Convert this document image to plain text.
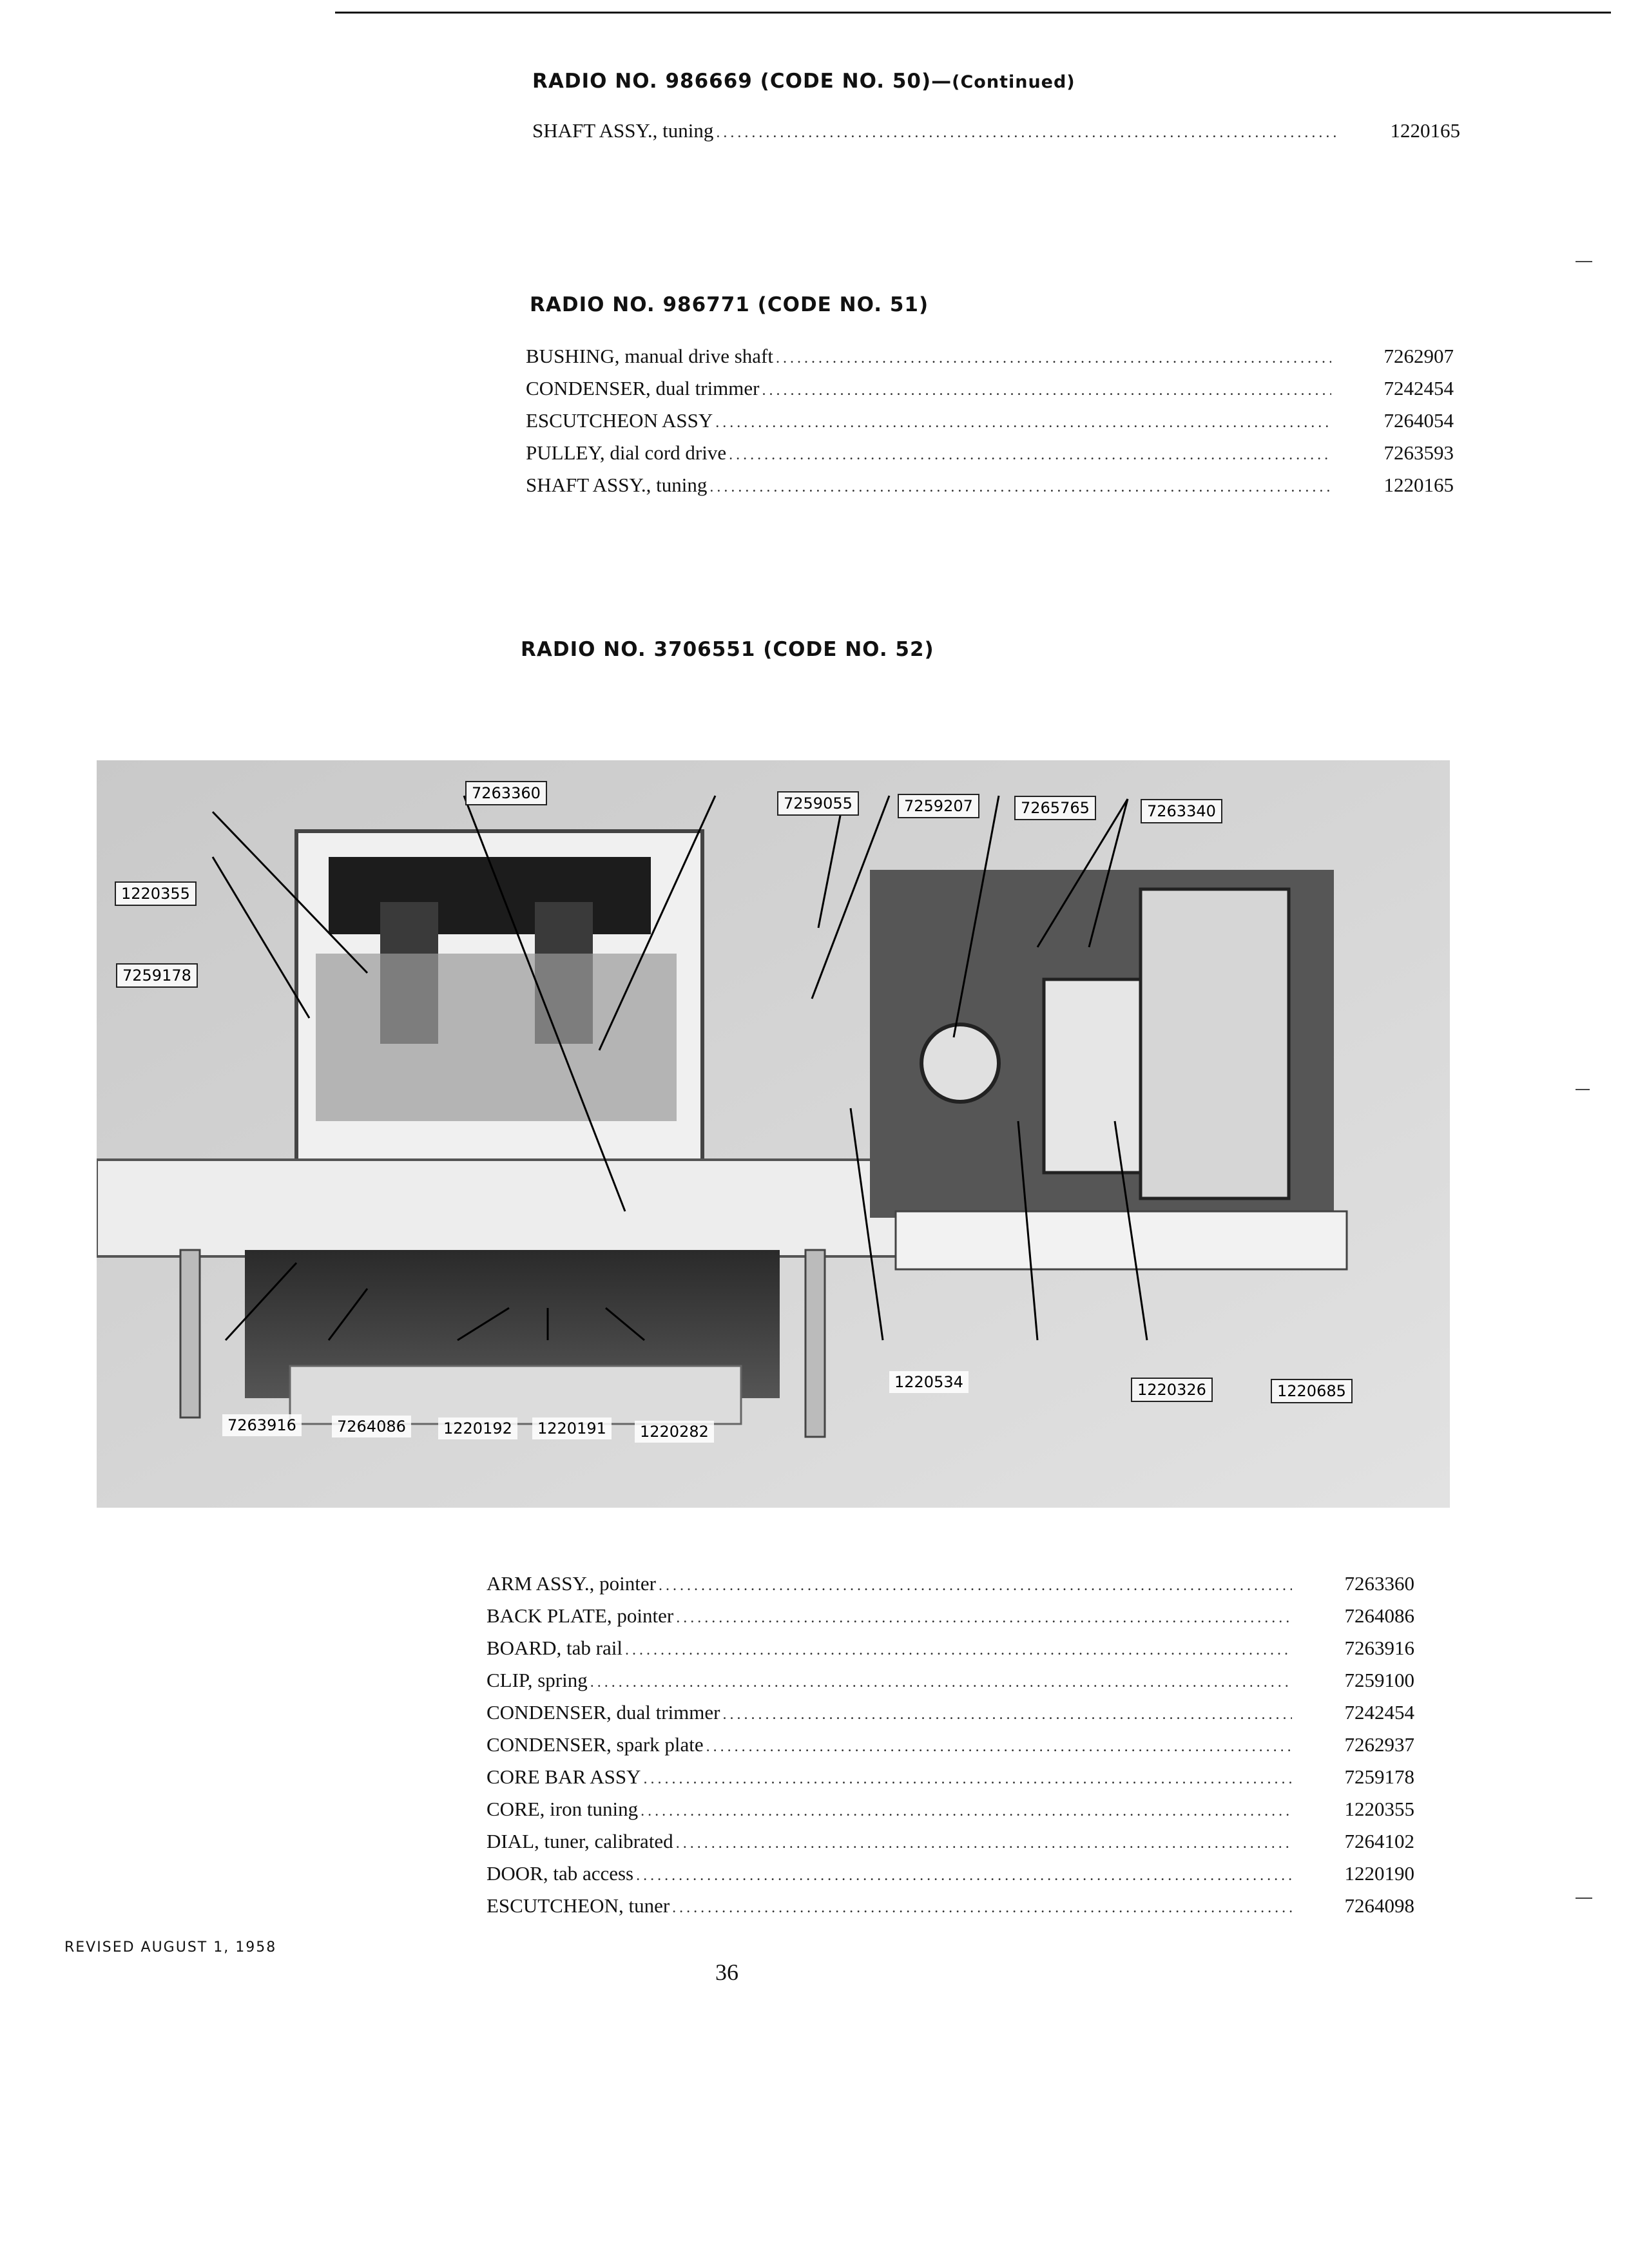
RADIO NO. 986669 (CODE NO. 50)—(Continued)
SHAFT ASSY., tuning .....	1220165
RADIO NO. 986771 (CODE NO. 51)
BUSHING, manual drive shaft .....	7262907
CONDENSER, dual trimmer .....	7242454
ESCUTCHEON ASSY .....	7264054
PULLEY, dial cord drive .....	7263593
SHAFT ASSY., tuning .....	1220165
RADIO NO. 3706551 (CODE NO. 52)
7263360
7259055	7259207	7265765	7263340
1220355
7259178
7263916	7264086	1220192	1220191	1220282
1220534	1220326	1220685
ARM ASSY., pointer .....	7263360
BACK PLATE, pointer .....	7264086
BOARD, tab rail .....	7263916
CLIP, spring .....	7259100
CONDENSER, dual trimmer .....	7242454
CONDENSER, spark plate .....	7262937
CORE BAR ASSY .....	7259178
CORE, iron tuning .....	1220355
DIAL, tuner, calibrated .....	7264102
DOOR, tab access .....	1220190
ESCUTCHEON, tuner .....	7264098
REVISED AUGUST 1, 1958
36
